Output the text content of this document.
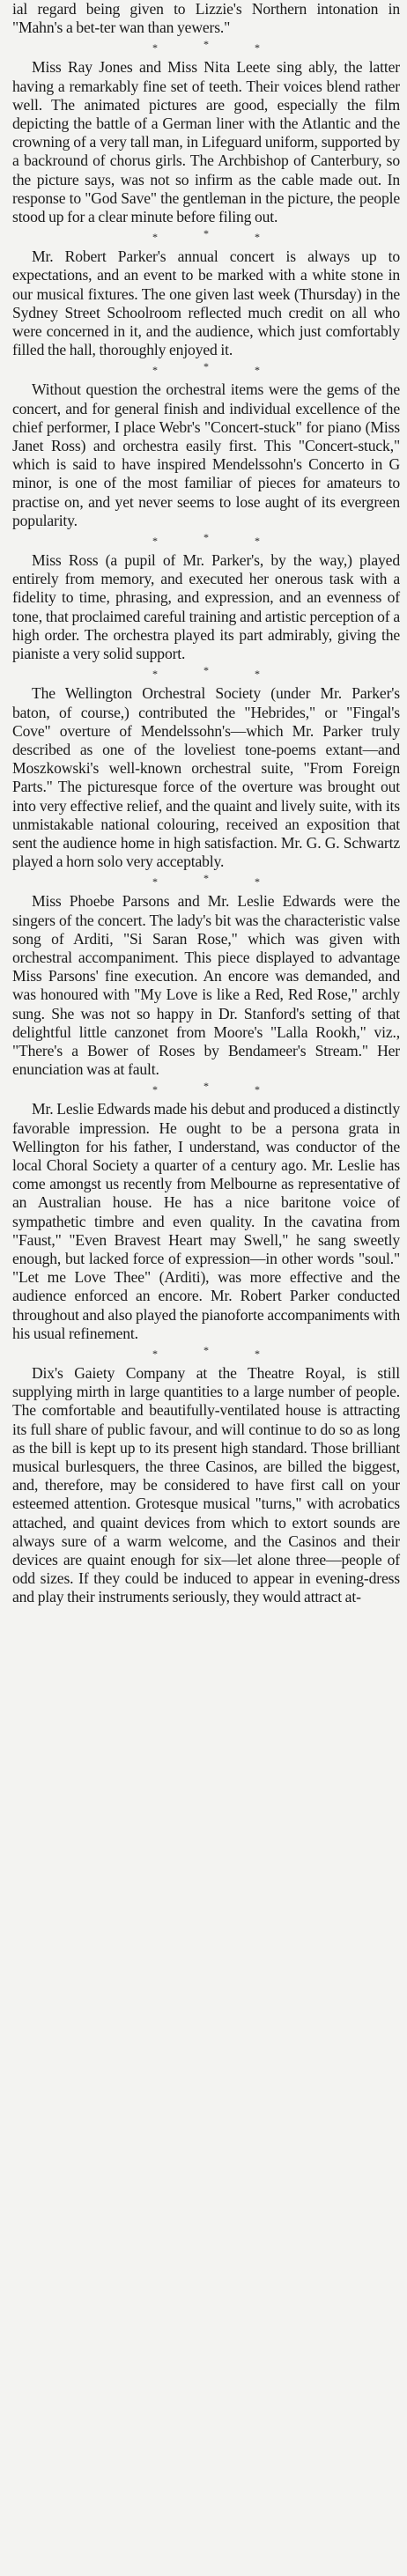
ial regard being given to Lizzie's Northern intonation in "Mahn's a bet-ter wan than yewers."

*	*	*

Miss Ray Jones and Miss Nita Leete sing ably, the latter having a remarkably fine set of teeth. Their voices blend rather well. The animated pictures are good, especially the film depicting the battle of a German liner with the Atlantic and the crowning of a very tall man, in Lifeguard uniform, supported by a backround of chorus girls. The Archbishop of Canterbury, so the picture says, was not so infirm as the cable made out. In response to "God Save" the gentleman in the picture, the people stood up for a clear minute before filing out.

*	*	*

Mr. Robert Parker's annual concert is always up to expectations, and an event to be marked with a white stone in our musical fixtures. The one given last week (Thursday) in the Sydney Street Schoolroom reflected much credit on all who were concerned in it, and the audience, which just comfortably filled the hall, thoroughly enjoyed it.

*	*	*

Without question the orchestral items were the gems of the concert, and for general finish and individual excellence of the chief performer, I place Webr's "Concert-stuck" for piano (Miss Janet Ross) and orchestra easily first. This "Concert-stuck," which is said to have inspired Mendelssohn's Concerto in G minor, is one of the most familiar of pieces for amateurs to practise on, and yet never seems to lose aught of its evergreen popularity.

*	*	*

Miss Ross (a pupil of Mr. Parker's, by the way,) played entirely from memory, and executed her onerous task with a fidelity to time, phrasing, and expression, and an evenness of tone, that proclaimed careful training and artistic perception of a high order. The orchestra played its part admirably, giving the pianiste a very solid support.

*	*	*

The Wellington Orchestral Society (under Mr. Parker's baton, of course,) contributed the "Hebrides," or "Fingal's Cove" overture of Mendelssohn's—which Mr. Parker truly described as one of the loveliest tone-poems extant—and Moszkowski's well-known orchestral suite, "From Foreign Parts." The picturesque force of the overture was brought out into very effective relief, and the quaint and lively suite, with its unmistakable national colouring, received an exposition that sent the audience home in high satisfaction. Mr. G. G. Schwartz played a horn solo very acceptably.

*	*	*

Miss Phoebe Parsons and Mr. Leslie Edwards were the singers of the concert. The lady's bit was the characteristic valse song of Arditi, "Si Saran Rose," which was given with orchestral accompaniment. This piece displayed to advantage Miss Parsons' fine execution. An encore was demanded, and was honoured with "My Love is like a Red, Red Rose," archly sung. She was not so happy in Dr. Stanford's setting of that delightful little canzonet from Moore's "Lalla Rookh," viz., "There's a Bower of Roses by Bendameer's Stream." Her enunciation was at fault.

*	*	*

Mr. Leslie Edwards made his debut and produced a distinctly favorable impression. He ought to be a persona grata in Wellington for his father, I understand, was conductor of the local Choral Society a quarter of a century ago. Mr. Leslie has come amongst us recently from Melbourne as representative of an Australian house. He has a nice baritone voice of sympathetic timbre and even quality. In the cavatina from "Faust," "Even Bravest Heart may Swell," he sang sweetly enough, but lacked force of expression—in other words "soul." "Let me Love Thee" (Arditi), was more effective and the audience enforced an encore. Mr. Robert Parker conducted throughout and also played the pianoforte accompaniments with his usual refinement.

*	*	*

Dix's Gaiety Company at the Theatre Royal, is still supplying mirth in large quantities to a large number of people. The comfortable and beautifully-ventilated house is attracting its full share of public favour, and will continue to do so as long as the bill is kept up to its present high standard. Those brilliant musical burlesquers, the three Casinos, are billed the biggest, and, therefore, may be considered to have first call on your esteemed attention. Grotesque musical "turns," with acrobatics attached, and quaint devices from which to extort sounds are always sure of a warm welcome, and the Casinos and their devices are quaint enough for six—let alone three—people of odd sizes. If they could be induced to appear in evening-dress and play their instruments seriously, they would attract at-
